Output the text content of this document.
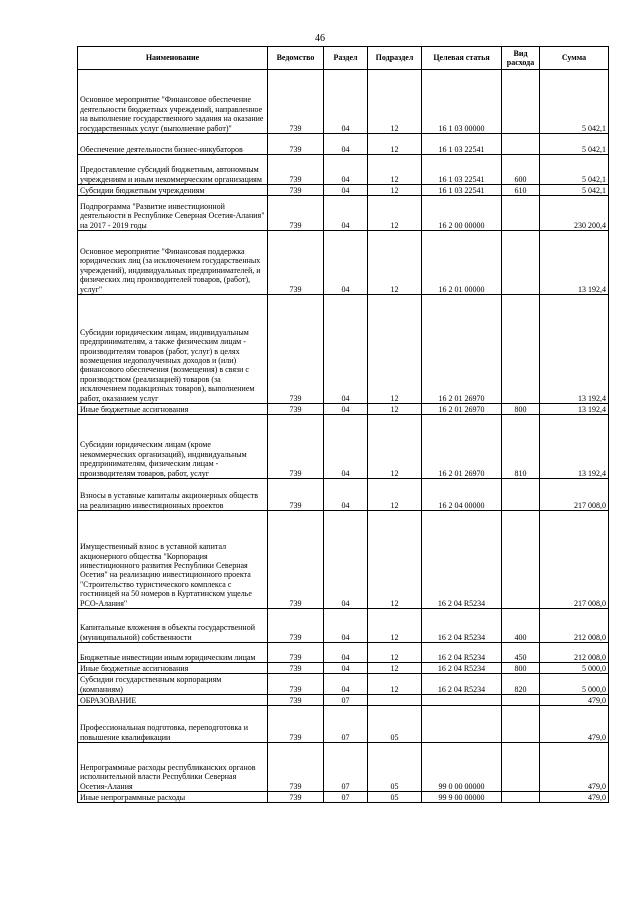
46
Наименование	Ведомство	Раздел	Подраздел	Целевая статья	Вид расхода	Сумма
Основное мероприятие "Финансовое обеспечение деятельности бюджетных учреждений, направленное на выполнение государственного задания на оказание государственных услуг (выполнение работ)"	739	04	12	16 1 03 00000		5 042,1
Обеспечение деятельности бизнес-инкубаторов	739	04	12	16 1 03 22541		5 042,1
Предоставление субсидий бюджетным, автономным учреждениям и иным некоммерческим организациям	739	04	12	16 1 03 22541	600	5 042,1
Субсидии бюджетным учреждениям	739	04	12	16 1 03 22541	610	5 042,1
Подпрограмма "Развитие инвестиционной деятельности в Республике Северная Осетия-Алания" на 2017 - 2019 годы	739	04	12	16 2 00 00000		230 200,4
Основное мероприятие "Финансовая поддержка юридических лиц (за исключением государственных учреждений), индивидуальных предпринимателей, и физических лиц производителей товаров, (работ), услуг"	739	04	12	16 2 01 00000		13 192,4
Субсидии юридическим лицам, индивидуальным предпринимателям, а также физическим лицам - производителям товаров (работ, услуг) в целях возмещения недополученных доходов и (или) финансового обеспечения (возмещения) в связи с производством (реализацией) товаров (за исключением подакцизных товаров), выполнением работ, оказанием услуг	739	04	12	16 2 01 26970		13 192,4
Иные бюджетные ассигнования	739	04	12	16 2 01 26970	800	13 192,4
Субсидии юридическим лицам (кроме некоммерческих организаций), индивидуальным предпринимателям, физическим лицам - производителям товаров, работ, услуг	739	04	12	16 2 01 26970	810	13 192,4
Взносы в уставные капиталы акционерных обществ на реализацию инвестиционных проектов	739	04	12	16 2 04 00000		217 008,0
Имущественный взнос в уставной капитал акционерного общества "Корпорация инвестиционного развития Республики Северная Осетия" на реализацию инвестиционного проекта "Строительство туристического комплекса с гостиницей на 50 номеров в Куртатинском ущелье РСО-Алания"	739	04	12	16 2 04 R5234		217 008,0
Капитальные вложения в объекты государственной (муниципальной) собственности	739	04	12	16 2 04 R5234	400	212 008,0
Бюджетные инвестиции иным юридическим лицам	739	04	12	16 2 04 R5234	450	212 008,0
Иные бюджетные ассигнования	739	04	12	16 2 04 R5234	800	5 000,0
Субсидии государственным корпорациям (компаниям)	739	04	12	16 2 04 R5234	820	5 000,0
ОБРАЗОВАНИЕ	739	07				479,0
Профессиональная подготовка, переподготовка и повышение квалификации	739	07	05			479,0
Непрограммные расходы республиканских органов исполнительной власти Республики Северная Осетия-Алания	739	07	05	99 0 00 00000		479,0
Иные непрограммные расходы	739	07	05	99 9 00 00000		479,0
